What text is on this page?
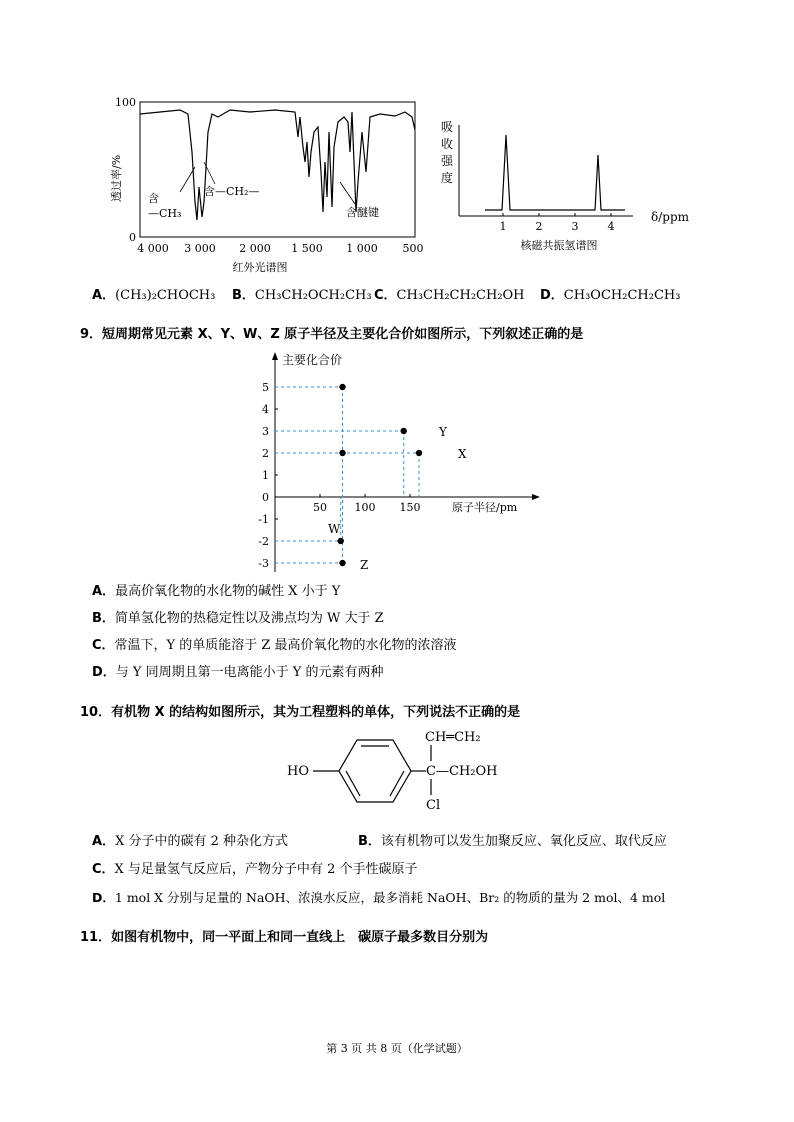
100
0
透过率/% 含
—CH₃
含—CH₂—
含醚键
4 000 3 000 2 000 1 500 1 000 500
红外光谱图
吸
收
强
度
1	2	3	4
δ/ppm
核磁共振氢谱图
A．(CH₃)₂CHOCH₃ B．CH₃CH₂OCH₂CH₃ C．CH₃CH₂CH₂CH₂OH D．CH₃OCH₂CH₂CH₃
9．短周期常见元素 X、Y、W、Z 原子半径及主要化合价如图所示，下列叙述正确的是
主要化合价
原子半径/pm
5
4
3
2
1
0
-1
-2
-3
50	100 150
Y
X
W
Z
A．最高价氧化物的水化物的碱性 X 小于 Y
B．简单氢化物的热稳定性以及沸点均为 W 大于 Z
C．常温下，Y 的单质能溶于 Z 最高价氧化物的水化物的浓溶液
D．与 Y 同周期且第一电离能小于 Y 的元素有两种
10．有机物 X 的结构如图所示，其为工程塑料的单体，下列说法不正确的是
HO	C
CH═CH₂
—CH₂OH
Cl
A．X 分子中的碳有 2 种杂化方式	B．该有机物可以发生加聚反应、氧化反应、取代反应
C．X 与足量氢气反应后，产物分子中有 2 个手性碳原子
D．1 mol X 分别与足量的 NaOH、浓溴水反应，最多消耗 NaOH、Br₂ 的物质的量为 2 mol、4 mol
11．如图有机物中，同一平面上和同一直线上　碳原子最多数目分别为
第 3 页 共 8 页（化学试题）
